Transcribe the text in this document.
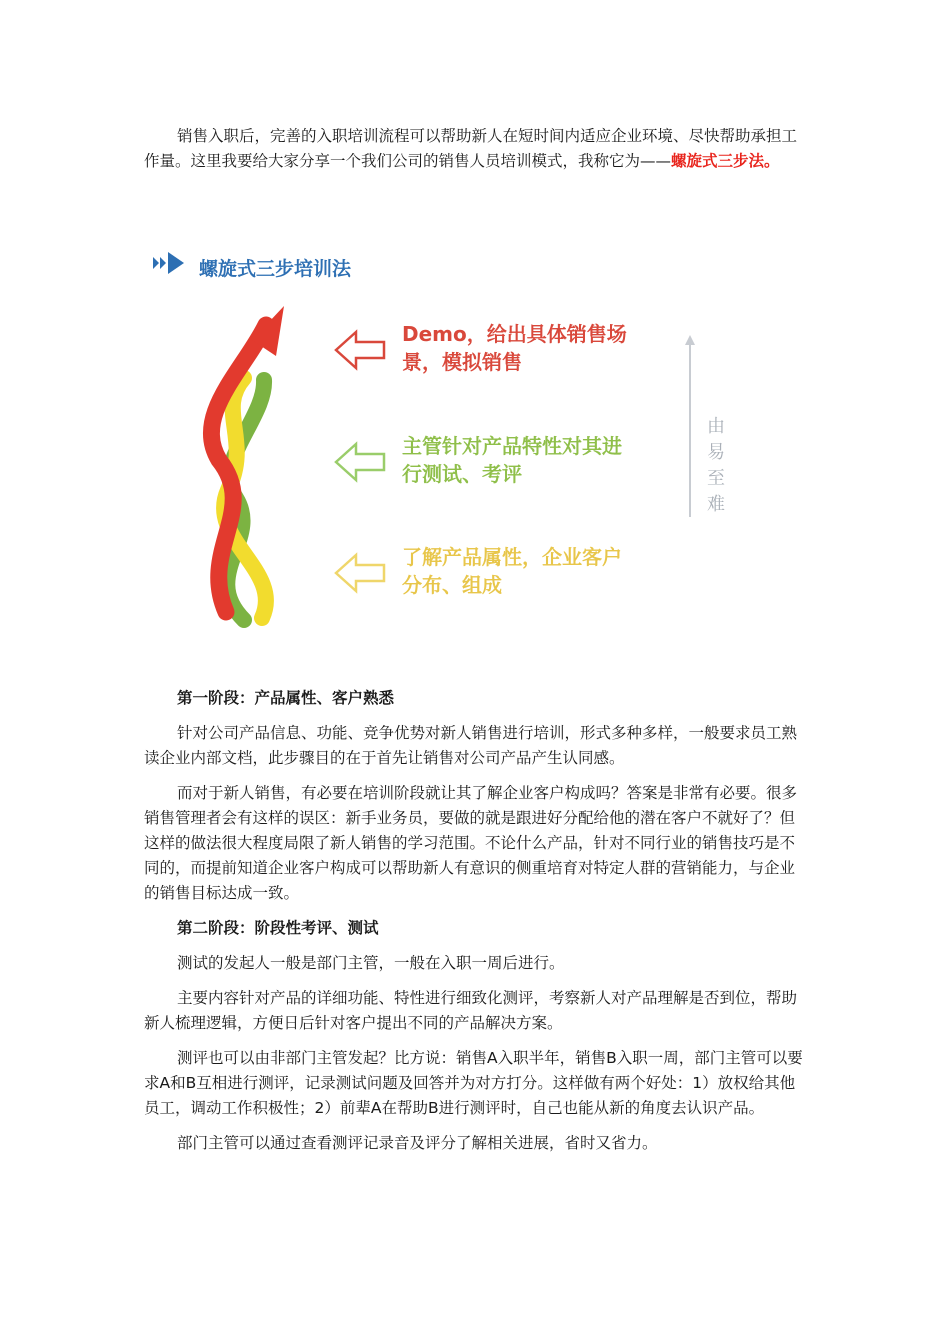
销售入职后，完善的入职培训流程可以帮助新人在短时间内适应企业环境、尽快帮助承担工作量。这里我要给大家分享一个我们公司的销售人员培训模式，我称它为——螺旋式三步法。

螺旋式三步培训法
Demo，给出具体销售场景，模拟销售
主管针对产品特性对其进行测试、考评
了解产品属性，企业客户分布、组成
由易至难
第一阶段：产品属性、客户熟悉

针对公司产品信息、功能、竞争优势对新人销售进行培训，形式多种多样，一般要求员工熟读企业内部文档，此步骤目的在于首先让销售对公司产品产生认同感。

而对于新人销售，有必要在培训阶段就让其了解企业客户构成吗？答案是非常有必要。很多销售管理者会有这样的误区：新手业务员，要做的就是跟进好分配给他的潜在客户不就好了？但这样的做法很大程度局限了新人销售的学习范围。不论什么产品，针对不同行业的销售技巧是不同的，而提前知道企业客户构成可以帮助新人有意识的侧重培育对特定人群的营销能力，与企业的销售目标达成一致。

第二阶段：阶段性考评、测试

测试的发起人一般是部门主管，一般在入职一周后进行。

主要内容针对产品的详细功能、特性进行细致化测评，考察新人对产品理解是否到位，帮助新人梳理逻辑，方便日后针对客户提出不同的产品解决方案。

测评也可以由非部门主管发起？比方说：销售A入职半年，销售B入职一周，部门主管可以要求A和B互相进行测评，记录测试问题及回答并为对方打分。这样做有两个好处：1）放权给其他员工，调动工作积极性；2）前辈A在帮助B进行测评时，自己也能从新的角度去认识产品。

部门主管可以通过查看测评记录音及评分了解相关进展，省时又省力。
